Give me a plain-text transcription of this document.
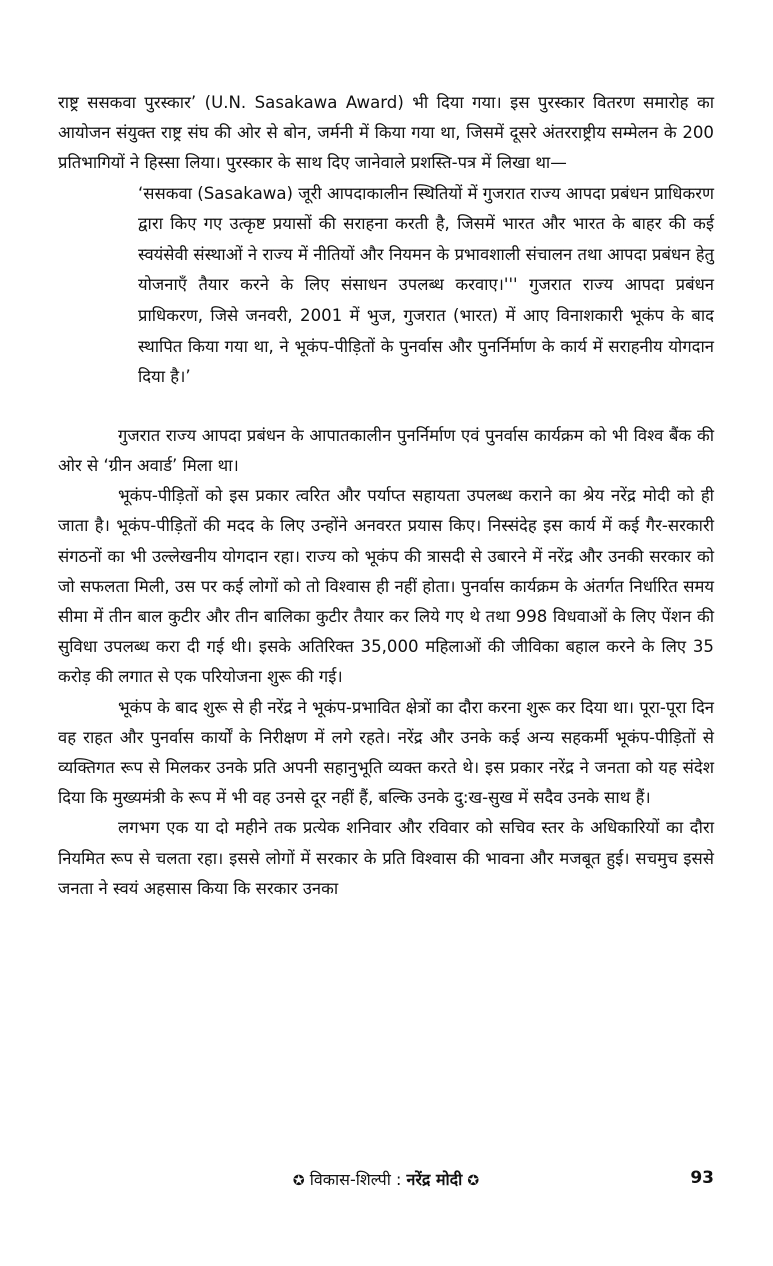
राष्ट्र ससकवा पुरस्कार’ (U.N. Sasakawa Award) भी दिया गया। इस पुरस्कार वितरण समारोह का आयोजन संयुक्त राष्ट्र संघ की ओर से बोन, जर्मनी में किया गया था, जिसमें दूसरे अंतरराष्ट्रीय सम्मेलन के 200 प्रतिभागियों ने हिस्सा लिया। पुरस्कार के साथ दिए जानेवाले प्रशस्ति-पत्र में लिखा था—

‘ससकवा (Sasakawa) जूरी आपदाकालीन स्थितियों में गुजरात राज्य आपदा प्रबंधन प्राधिकरण द्वारा किए गए उत्कृष्ट प्रयासों की सराहना करती है, जिसमें भारत और भारत के बाहर की कई स्वयंसेवी संस्थाओं ने राज्य में नीतियों और नियमन के प्रभावशाली संचालन तथा आपदा प्रबंधन हेतु योजनाएँ तैयार करने के लिए संसाधन उपलब्ध करवाए।''' गुजरात राज्य आपदा प्रबंधन प्राधिकरण, जिसे जनवरी, 2001 में भुज, गुजरात (भारत) में आए विनाशकारी भूकंप के बाद स्थापित किया गया था, ने भूकंप-पीड़ितों के पुनर्वास और पुनर्निर्माण के कार्य में सराहनीय योगदान दिया है।’

गुजरात राज्य आपदा प्रबंधन के आपातकालीन पुनर्निर्माण एवं पुनर्वास कार्यक्रम को भी विश्व बैंक की ओर से ‘ग्रीन अवार्ड’ मिला था।

भूकंप-पीड़ितों को इस प्रकार त्वरित और पर्याप्त सहायता उपलब्ध कराने का श्रेय नरेंद्र मोदी को ही जाता है। भूकंप-पीड़ितों की मदद के लिए उन्होंने अनवरत प्रयास किए। निस्संदेह इस कार्य में कई गैर-सरकारी संगठनों का भी उल्लेखनीय योगदान रहा। राज्य को भूकंप की त्रासदी से उबारने में नरेंद्र और उनकी सरकार को जो सफलता मिली, उस पर कई लोगों को तो विश्वास ही नहीं होता। पुनर्वास कार्यक्रम के अंतर्गत निर्धारित समय सीमा में तीन बाल कुटीर और तीन बालिका कुटीर तैयार कर लिये गए थे तथा 998 विधवाओं के लिए पेंशन की सुविधा उपलब्ध करा दी गई थी। इसके अतिरिक्त 35,000 महिलाओं की जीविका बहाल करने के लिए 35 करोड़ की लगात से एक परियोजना शुरू की गई।

भूकंप के बाद शुरू से ही नरेंद्र ने भूकंप-प्रभावित क्षेत्रों का दौरा करना शुरू कर दिया था। पूरा-पूरा दिन वह राहत और पुनर्वास कार्यों के निरीक्षण में लगे रहते। नरेंद्र और उनके कई अन्य सहकर्मी भूकंप-पीड़ितों से व्यक्तिगत रूप से मिलकर उनके प्रति अपनी सहानुभूति व्यक्त करते थे। इस प्रकार नरेंद्र ने जनता को यह संदेश दिया कि मुख्यमंत्री के रूप में भी वह उनसे दूर नहीं हैं, बल्कि उनके दु:ख-सुख में सदैव उनके साथ हैं।

लगभग एक या दो महीने तक प्रत्येक शनिवार और रविवार को सचिव स्तर के अधिकारियों का दौरा नियमित रूप से चलता रहा। इससे लोगों में सरकार के प्रति विश्वास की भावना और मजबूत हुई। सचमुच इससे जनता ने स्वयं अहसास किया कि सरकार उनका

✪ विकास-शिल्पी : नरेंद्र मोदी ✪	93
